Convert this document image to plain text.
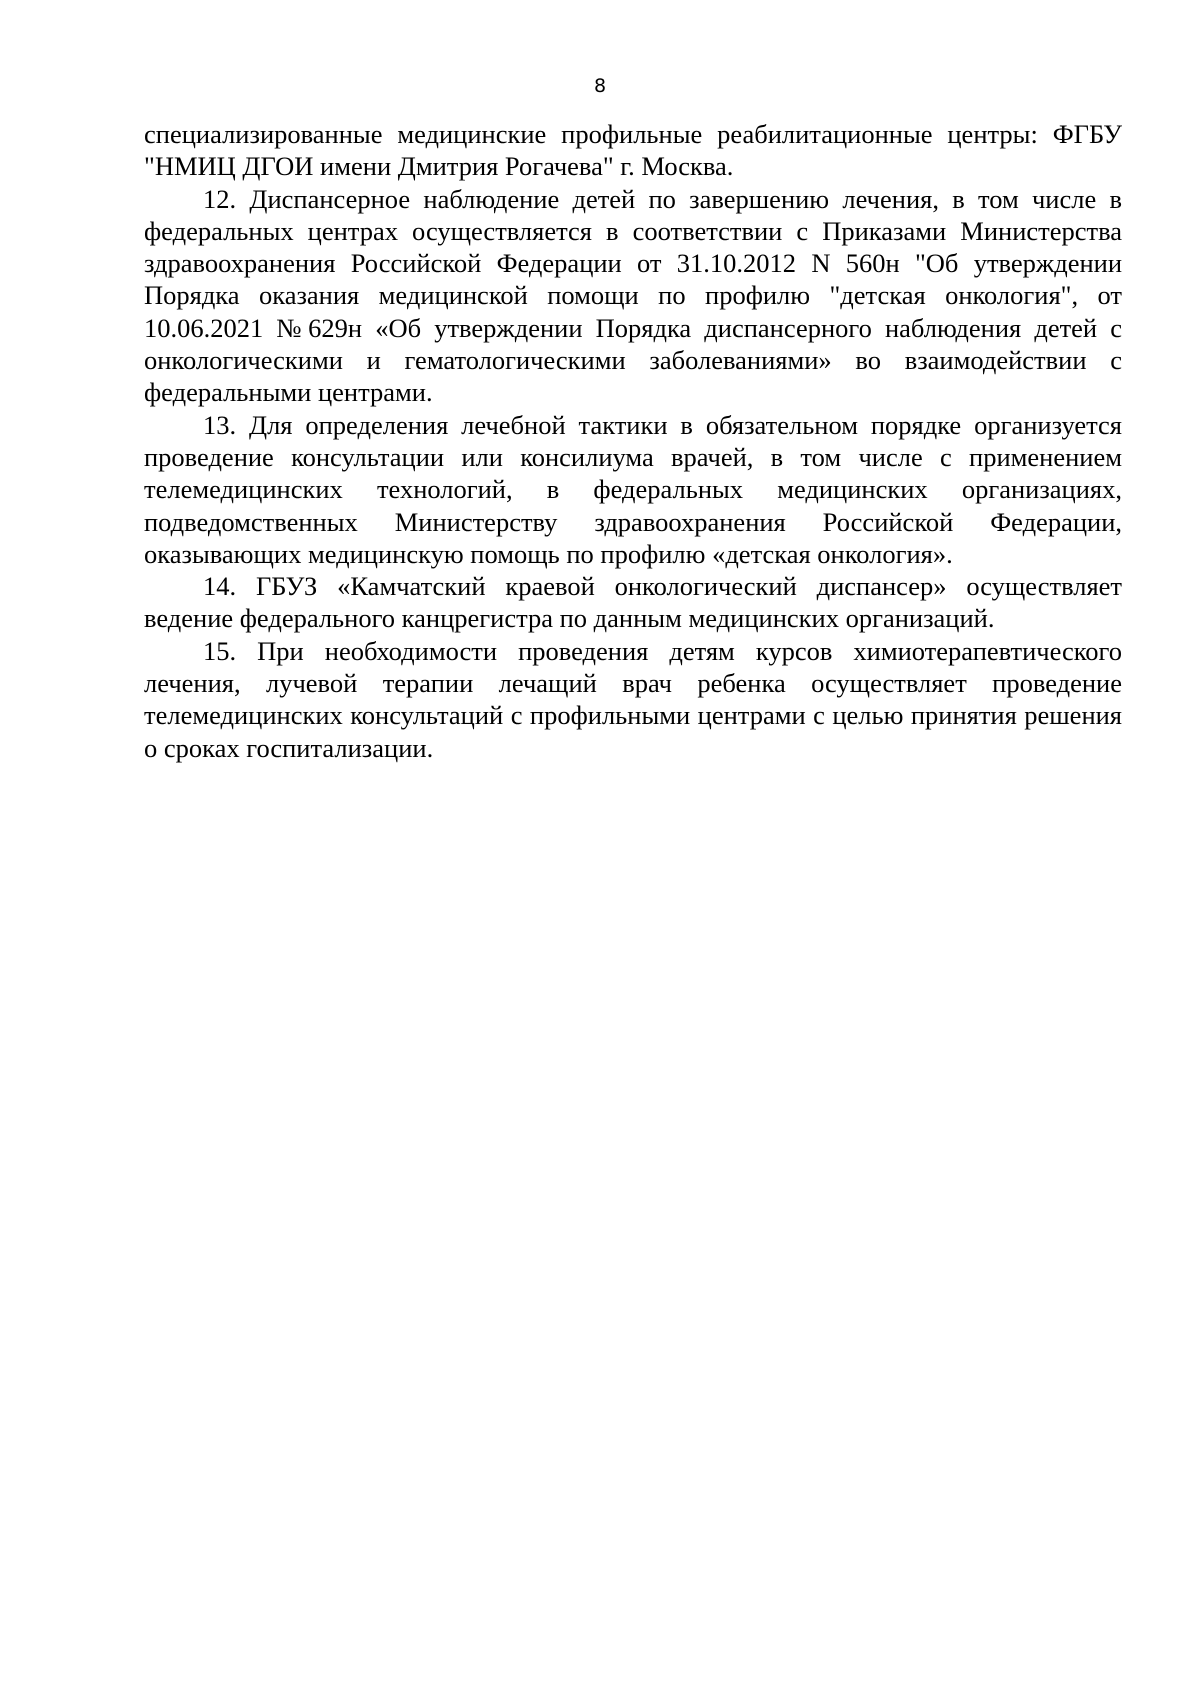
8

специализированные медицинские профильные реабилитационные центры: ФГБУ "НМИЦ ДГОИ имени Дмитрия Рогачева" г. Москва.

12. Диспансерное наблюдение детей по завершению лечения, в том числе в федеральных центрах осуществляется в соответствии с Приказами Министерства здравоохранения Российской Федерации от 31.10.2012 N 560н "Об утверждении Порядка оказания медицинской помощи по профилю "детская онкология", от 10.06.2021 №629н «Об утверждении Порядка диспансерного наблюдения детей с онкологическими и гематологическими заболеваниями» во взаимодействии с федеральными центрами.

13. Для определения лечебной тактики в обязательном порядке организуется проведение консультации или консилиума врачей, в том числе с применением телемедицинских технологий, в федеральных медицинских организациях, подведомственных Министерству здравоохранения Российской Федерации, оказывающих медицинскую помощь по профилю «детская онкология».

14. ГБУЗ «Камчатский краевой онкологический диспансер» осуществляет ведение федерального канцрегистра по данным медицинских организаций.

15. При необходимости проведения детям курсов химиотерапевтического лечения, лучевой терапии лечащий врач ребенка осуществляет проведение телемедицинских консультаций с профильными центрами с целью принятия решения о сроках госпитализации.
